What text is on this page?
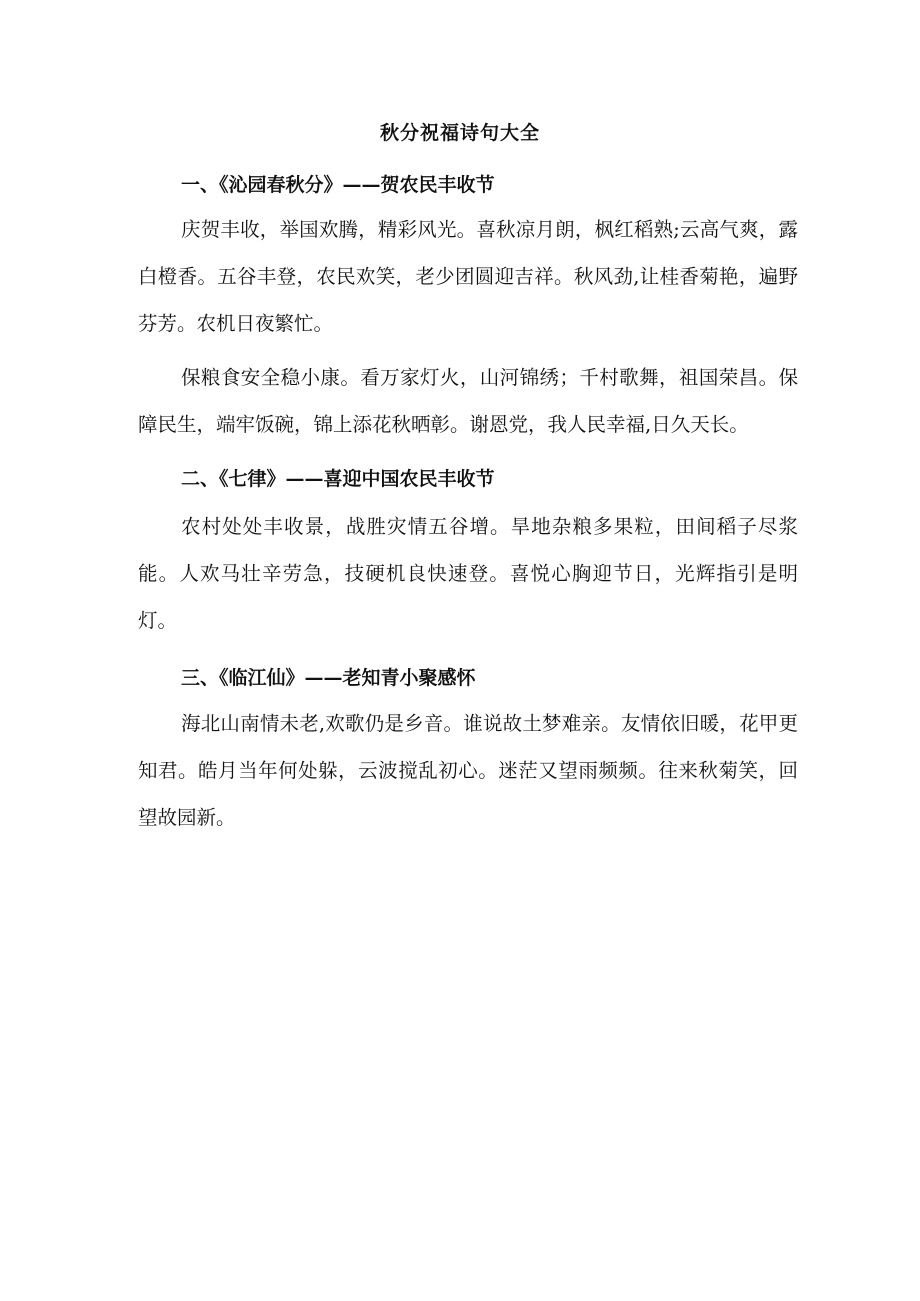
秋分祝福诗句大全
一、《沁园春秋分》——贺农民丰收节
庆贺丰收，举国欢腾，精彩风光。喜秋凉月朗，枫红稻熟;云高气爽，露白橙香。五谷丰登，农民欢笑，老少团圆迎吉祥。秋风劲,让桂香菊艳，遍野芬芳。农机日夜繁忙。
保粮食安全稳小康。看万家灯火，山河锦绣；千村歌舞，祖国荣昌。保障民生，端牢饭碗，锦上添花秋晒彰。谢恩党，我人民幸福,日久天长。
二、《七律》——喜迎中国农民丰收节
农村处处丰收景，战胜灾情五谷增。旱地杂粮多果粒，田间稻子尽浆能。人欢马壮辛劳急，技硬机良快速登。喜悦心胸迎节日，光辉指引是明灯。
三、《临江仙》——老知青小聚感怀
海北山南情未老,欢歌仍是乡音。谁说故土梦难亲。友情依旧暖，花甲更知君。皓月当年何处躲，云波搅乱初心。迷茫又望雨频频。往来秋菊笑，回望故园新。
